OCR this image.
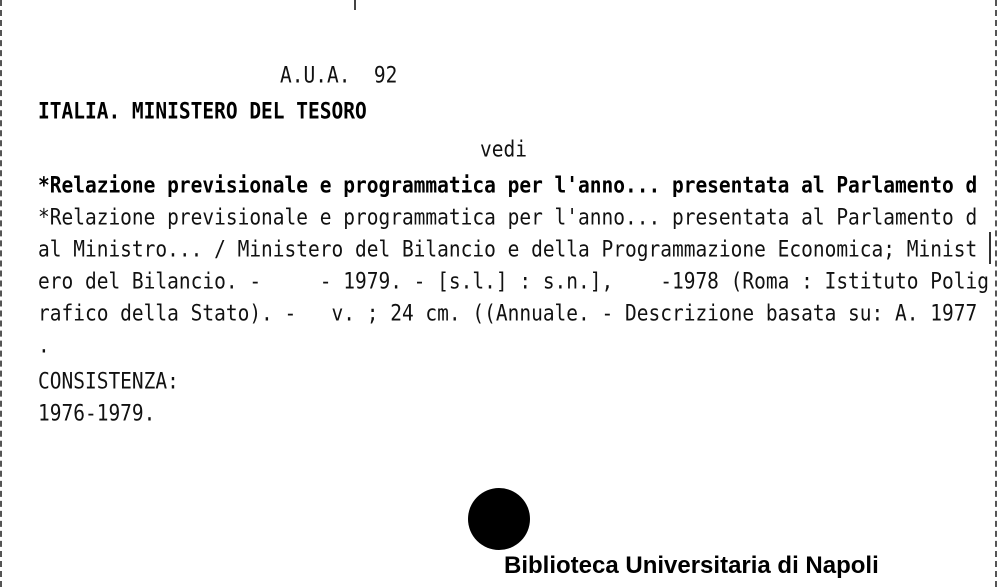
A.U.A.  92
ITALIA. MINISTERO DEL TESORO
vedi
*Relazione previsionale e programmatica per l'anno... presentata al Parlamento d
*Relazione previsionale e programmatica per l'anno... presentata al Parlamento d
al Ministro... / Ministero del Bilancio e della Programmazione Economica; Minist
ero del Bilancio. -     - 1979. - [s.l.] : s.n.],    -1978 (Roma : Istituto Polig
rafico della Stato). -   v. ; 24 cm. ((Annuale. - Descrizione basata su: A. 1977
.
CONSISTENZA:
1976-1979.
Biblioteca Universitaria di Napoli
